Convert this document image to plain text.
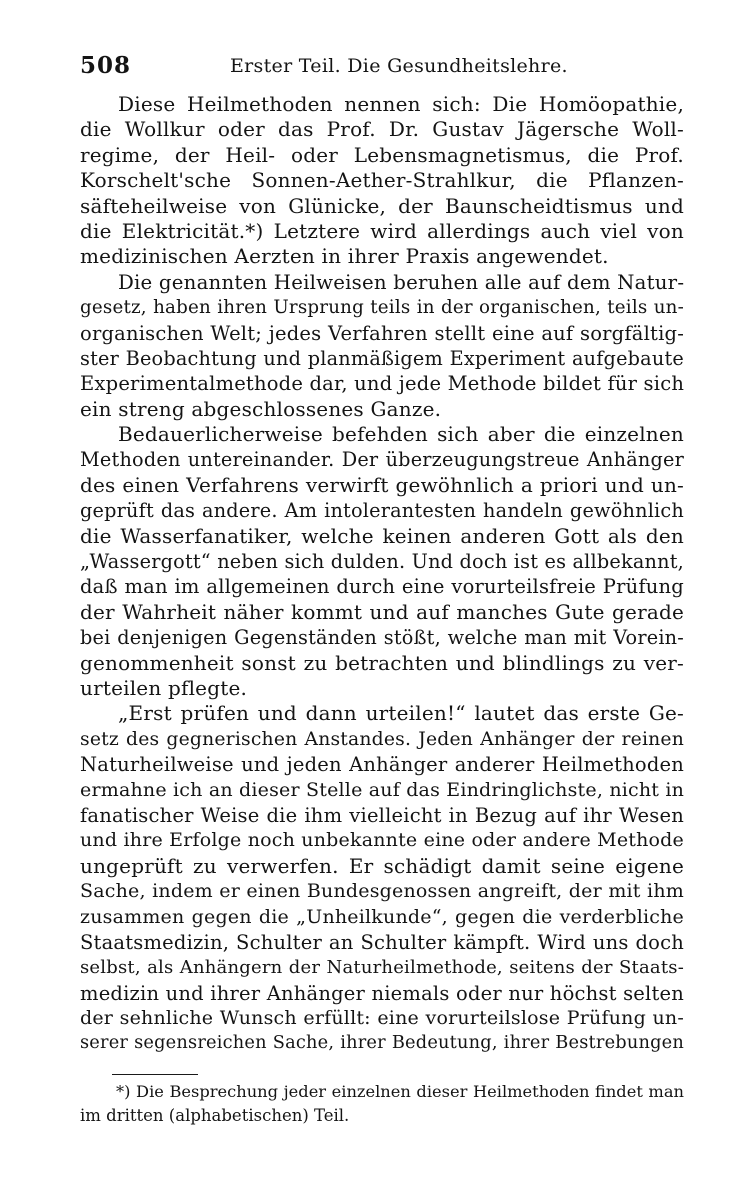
508	Erster Teil. Die Gesundheitslehre.
Diese Heilmethoden nennen sich: Die Homöopathie,
die Wollkur oder das Prof. Dr. Gustav Jägersche Woll-
regime, der Heil- oder Lebensmagnetismus, die Prof.
Korschelt'sche Sonnen-Aether-Strahlkur, die Pflanzen-
säfteheilweise von Glünicke, der Baunscheidtismus und
die Elektricität.*) Letztere wird allerdings auch viel von
medizinischen Aerzten in ihrer Praxis angewendet.
Die genannten Heilweisen beruhen alle auf dem Natur-
gesetz, haben ihren Ursprung teils in der organischen, teils un-
organischen Welt; jedes Verfahren stellt eine auf sorgfältig-
ster Beobachtung und planmäßigem Experiment aufgebaute
Experimentalmethode dar, und jede Methode bildet für sich
ein streng abgeschlossenes Ganze.
Bedauerlicherweise befehden sich aber die einzelnen
Methoden untereinander. Der überzeugungstreue Anhänger
des einen Verfahrens verwirft gewöhnlich a priori und un-
geprüft das andere. Am intolerantesten handeln gewöhnlich
die Wasserfanatiker, welche keinen anderen Gott als den
„Wassergott“ neben sich dulden. Und doch ist es allbekannt,
daß man im allgemeinen durch eine vorurteilsfreie Prüfung
der Wahrheit näher kommt und auf manches Gute gerade
bei denjenigen Gegenständen stößt, welche man mit Vorein-
genommenheit sonst zu betrachten und blindlings zu ver-
urteilen pflegte.
„Erst prüfen und dann urteilen!“ lautet das erste Ge-
setz des gegnerischen Anstandes. Jeden Anhänger der reinen
Naturheilweise und jeden Anhänger anderer Heilmethoden
ermahne ich an dieser Stelle auf das Eindringlichste, nicht in
fanatischer Weise die ihm vielleicht in Bezug auf ihr Wesen
und ihre Erfolge noch unbekannte eine oder andere Methode
ungeprüft zu verwerfen. Er schädigt damit seine eigene
Sache, indem er einen Bundesgenossen angreift, der mit ihm
zusammen gegen die „Unheilkunde“, gegen die verderbliche
Staatsmedizin, Schulter an Schulter kämpft. Wird uns doch
selbst, als Anhängern der Naturheilmethode, seitens der Staats-
medizin und ihrer Anhänger niemals oder nur höchst selten
der sehnliche Wunsch erfüllt: eine vorurteilslose Prüfung un-
serer segensreichen Sache, ihrer Bedeutung, ihrer Bestrebungen
*) Die Besprechung jeder einzelnen dieser Heilmethoden findet man
im dritten (alphabetischen) Teil.
